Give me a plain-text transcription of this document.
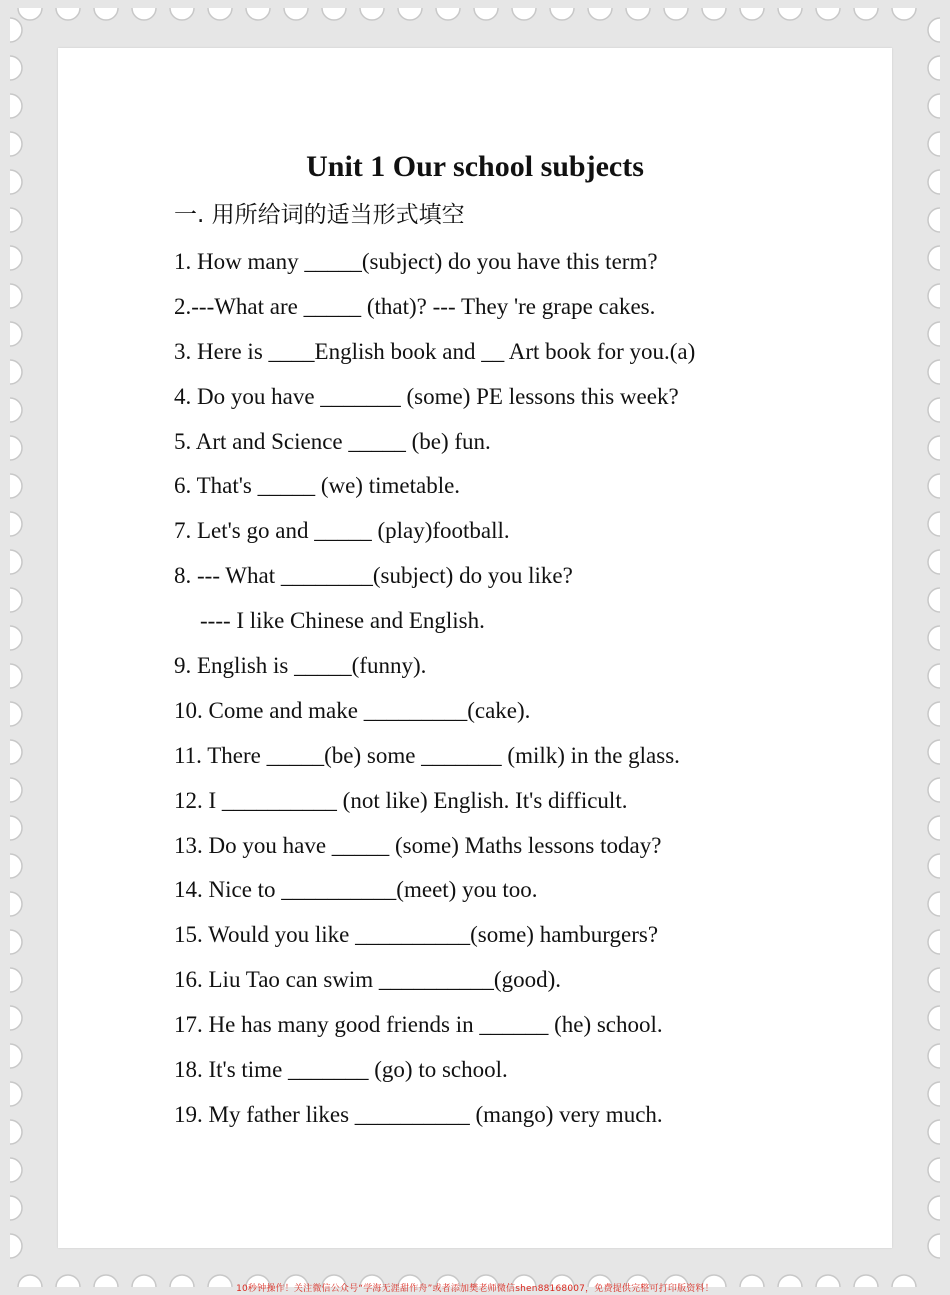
Unit 1 Our school subjects
一. 用所给词的适当形式填空
1. How many _____(subject) do you have this term?
2.---What are _____ (that)? --- They 're grape cakes.
3. Here is ____English book and __ Art book for you.(a)
4. Do you have _______ (some) PE lessons this week?
5. Art and Science _____ (be) fun.
6. That's _____ (we) timetable.
7. Let's go and _____ (play)football.
8. --- What ________(subject) do you like?
---- I like Chinese and English.
9. English is _____(funny).
10. Come and make _________(cake).
11. There _____(be) some _______ (milk) in the glass.
12. I __________ (not like) English. It's difficult.
13. Do you have _____ (some) Maths lessons today?
14. Nice to __________(meet) you too.
15. Would you like __________(some) hamburgers?
16. Liu Tao can swim __________(good).
17. He has many good friends in ______ (he) school.
18. It's time _______ (go) to school.
19. My father likes __________ (mango) very much.
10秒钟操作！关注微信公众号“学海无涯甜作舟”或者添加樊老师微信shen88168007，免费提供完整可打印版资料！
